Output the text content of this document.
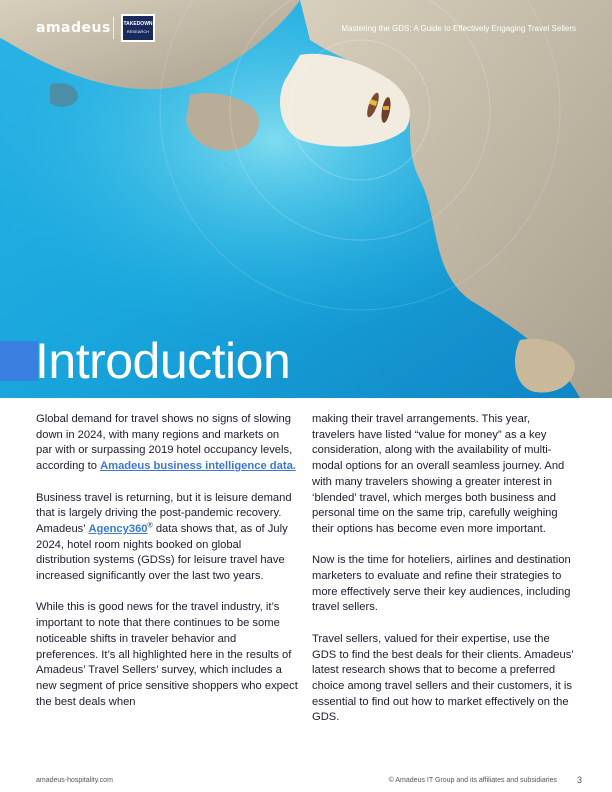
amadeus	TAKEDOWN
RESEARCH	Mastering the GDS: A Guide to Effectively Engaging Travel Sellers
Introduction

Global demand for travel shows no signs of slowing down in 2024, with many regions and markets on par with or surpassing 2019 hotel occupancy levels, according to Amadeus business intelligence data.

Business travel is returning, but it is leisure demand that is largely driving the post-pandemic recovery. Amadeus’ Agency360® data shows that, as of July 2024, hotel room nights booked on global distribution systems (GDSs) for leisure travel have increased significantly over the last two years.

While this is good news for the travel industry, it’s important to note that there continues to be some noticeable shifts in traveler behavior and preferences. It’s all highlighted here in the results of Amadeus’ Travel Sellers’ survey, which includes a new segment of price sensitive shoppers who expect the best deals when

making their travel arrangements. This year, travelers have listed “value for money” as a key consideration, along with the availability of multi-modal options for an overall seamless journey. And with many travelers showing a greater interest in ‘blended’ travel, which merges both business and personal time on the same trip, carefully weighing their options has become even more important.

Now is the time for hoteliers, airlines and destination marketers to evaluate and refine their strategies to more effectively serve their key audiences, including travel sellers.

Travel sellers, valued for their expertise, use the GDS to find the best deals for their clients. Amadeus’ latest research shows that to become a preferred choice among travel sellers and their customers, it is essential to find out how to market effectively on the GDS.

amadeus-hospitality.com	© Amadeus IT Group and its affiliates and subsidiaries 3
